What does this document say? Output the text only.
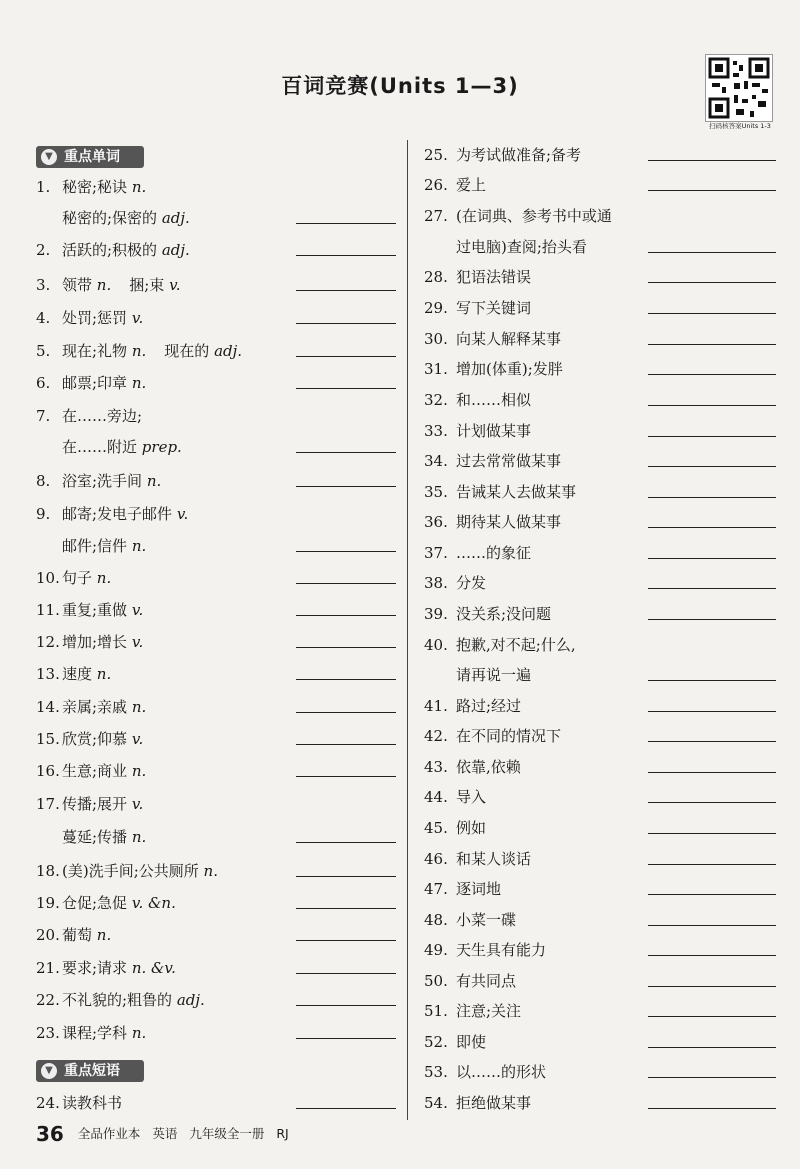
百词竞赛(Units 1—3)
扫码核答案Units 1-3
▼ 重点单词
▼ 重点短语
1. 秘密;秘诀 n.
秘密的;保密的 adj.
2. 活跃的;积极的 adj.
3. 领带 n. 捆;束 v.
4. 处罚;惩罚 v.
5. 现在;礼物 n. 现在的 adj.
6. 邮票;印章 n.
7. 在……旁边;
在……附近 prep.
8. 浴室;洗手间 n.
9. 邮寄;发电子邮件 v.
邮件;信件 n.
10. 句子 n.
11. 重复;重做 v.
12. 增加;增长 v.
13. 速度 n.
14. 亲属;亲戚 n.
15. 欣赏;仰慕 v.
16. 生意;商业 n.
17. 传播;展开 v.
蔓延;传播 n.
18. (美)洗手间;公共厕所 n.
19. 仓促;急促 v. &n.
20. 葡萄 n.
21. 要求;请求 n. &v.
22. 不礼貌的;粗鲁的 adj.
23. 课程;学科 n.
24. 读教科书
25. 为考试做准备;备考
26. 爱上
27. (在词典、参考书中或通
过电脑)查阅;抬头看
28. 犯语法错误
29. 写下关键词
30. 向某人解释某事
31. 增加(体重);发胖
32. 和……相似
33. 计划做某事
34. 过去常常做某事
35. 告诫某人去做某事
36. 期待某人做某事
37. ……的象征
38. 分发
39. 没关系;没问题
40. 抱歉,对不起;什么,
请再说一遍
41. 路过;经过
42. 在不同的情况下
43. 依靠,依赖
44. 导入
45. 例如
46. 和某人谈话
47. 逐词地
48. 小菜一碟
49. 天生具有能力
50. 有共同点
51. 注意;关注
52. 即使
53. 以……的形状
54. 拒绝做某事
36 全品作业本 英语 九年级全一册 RJ
